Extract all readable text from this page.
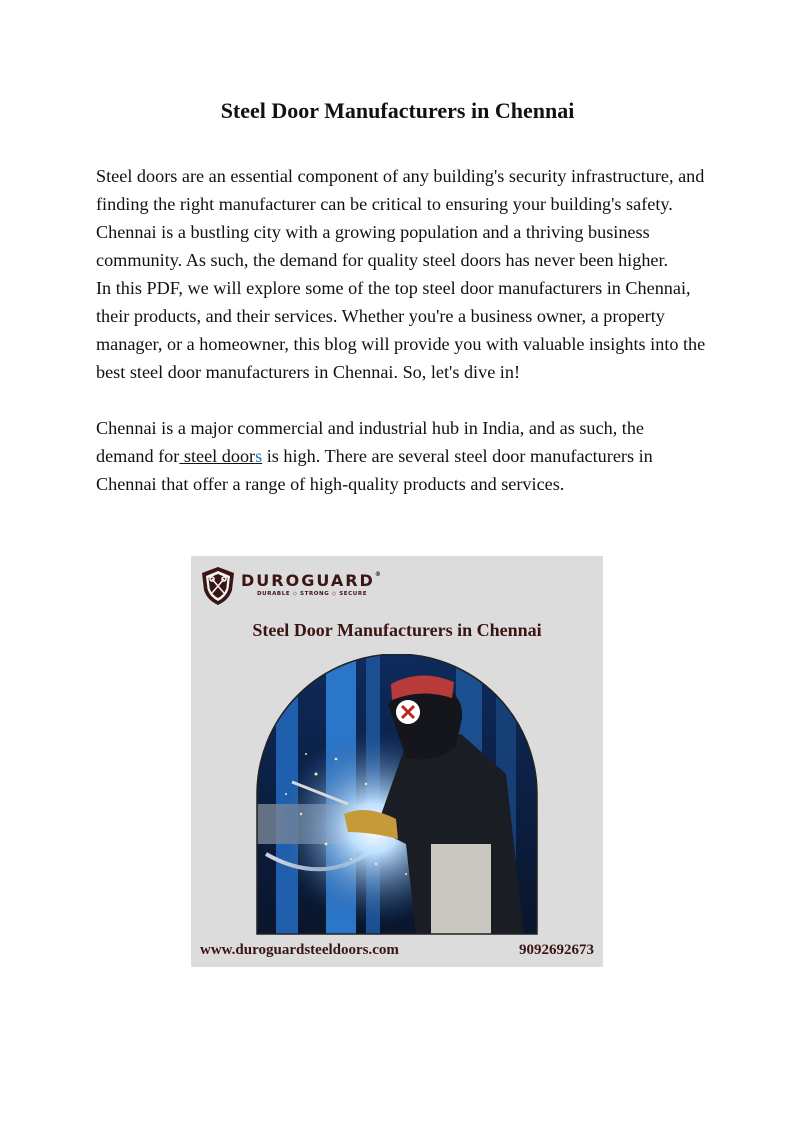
Steel Door Manufacturers in Chennai

Steel doors are an essential component of any building's security infrastructure, and finding the right manufacturer can be critical to ensuring your building's safety. Chennai is a bustling city with a growing population and a thriving business community. As such, the demand for quality steel doors has never been higher.

In this PDF, we will explore some of the top steel door manufacturers in Chennai, their products, and their services. Whether you're a business owner, a property manager, or a homeowner, this blog will provide you with valuable insights into the best steel door manufacturers in Chennai. So, let's dive in!

Chennai is a major commercial and industrial hub in India, and as such, the demand for steel doors is high. There are several steel door manufacturers in Chennai that offer a range of high-quality products and services.

DUROGUARD®
DURABLE ◇ STRONG ◇ SECURE
Steel Door Manufacturers in Chennai
www.duroguardsteeldoors.com	9092692673
